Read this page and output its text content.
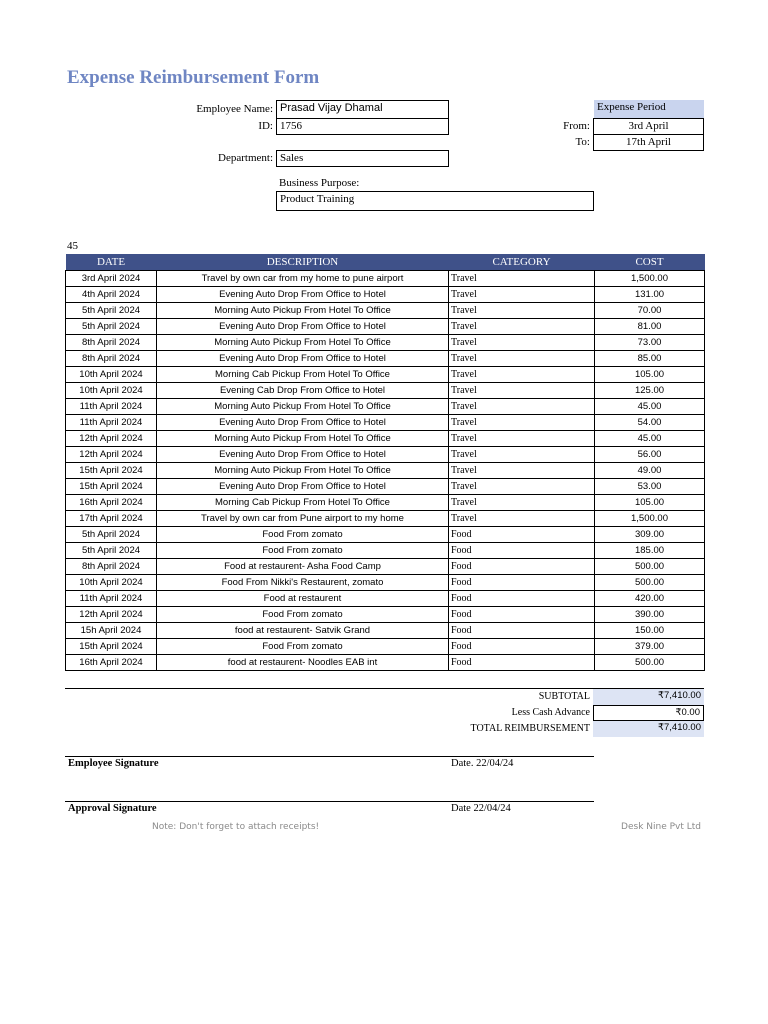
Expense Reimbursement Form
Employee Name: Prasad Vijay Dhamal
ID: 1756
Department: Sales
Business Purpose:
Product Training
Expense Period
From:	3rd April
To:	17th April
45
DATE	DESCRIPTION	CATEGORY	COST
3rd April 2024	Travel by own car from my home to pune airport	Travel	1,500.00
4th April 2024	Evening Auto Drop From Office to Hotel	Travel	131.00
5th April 2024	Morning Auto Pickup From Hotel To Office	Travel	70.00
5th April 2024	Evening Auto Drop From Office to Hotel	Travel	81.00
8th April 2024	Morning Auto Pickup From Hotel To Office	Travel	73.00
8th April 2024	Evening Auto Drop From Office to Hotel	Travel	85.00
10th April 2024	Morning Cab Pickup From Hotel To Office	Travel	105.00
10th April 2024	Evening Cab Drop From Office to Hotel	Travel	125.00
11th April 2024	Morning Auto Pickup From Hotel To Office	Travel	45.00
11th April 2024	Evening Auto Drop From Office to Hotel	Travel	54.00
12th April 2024	Morning Auto Pickup From Hotel To Office	Travel	45.00
12th April 2024	Evening Auto Drop From Office to Hotel	Travel	56.00
15th April 2024	Morning Auto Pickup From Hotel To Office	Travel	49.00
15th April 2024	Evening Auto Drop From Office to Hotel	Travel	53.00
16th April 2024	Morning Cab Pickup From Hotel To Office	Travel	105.00
17th April 2024	Travel by own car from Pune airport to my home	Travel	1,500.00
5th April 2024	Food From zomato	Food	309.00
5th April 2024	Food From zomato	Food	185.00
8th April 2024	Food at restaurent- Asha Food Camp	Food	500.00
10th April 2024	Food From Nikki's Restaurent, zomato	Food	500.00
11th April 2024	Food at restaurent	Food	420.00
12th April 2024	Food From zomato	Food	390.00
15h April 2024	food at restaurent- Satvik Grand	Food	150.00
15th April 2024	Food From zomato	Food	379.00
16th April 2024	food at restaurent- Noodles EAB int	Food	500.00
SUBTOTAL	₹7,410.00
Less Cash Advance	₹0.00
TOTAL REIMBURSEMENT	₹7,410.00
Employee Signature	Date. 22/04/24
Approval Signature	Date 22/04/24
Note: Don't forget to attach receipts!	Desk Nine Pvt Ltd
